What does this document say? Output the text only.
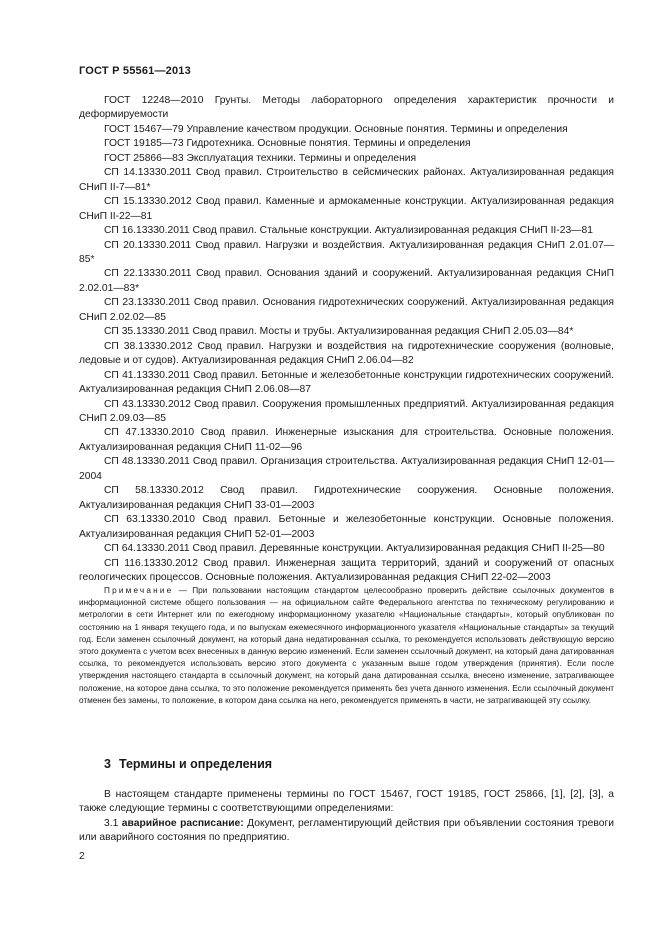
ГОСТ Р 55561—2013

ГОСТ 12248—2010 Грунты. Методы лабораторного определения характеристик прочности и деформируемости

ГОСТ 15467—79 Управление качеством продукции. Основные понятия. Термины и определения

ГОСТ 19185—73 Гидротехника. Основные понятия. Термины и определения

ГОСТ 25866—83 Эксплуатация техники. Термины и определения

СП 14.13330.2011 Свод правил. Строительство в сейсмических районах. Актуализированная редакция СНиП II-7—81*

СП 15.13330.2012 Свод правил. Каменные и армокаменные конструкции. Актуализированная редакция СНиП II-22—81

СП 16.13330.2011 Свод правил. Стальные конструкции. Актуализированная редакция СНиП II-23—81

СП 20.13330.2011 Свод правил. Нагрузки и воздействия. Актуализированная редакция СНиП 2.01.07—85*

СП 22.13330.2011 Свод правил. Основания зданий и сооружений. Актуализированная редакция СНиП 2.02.01—83*

СП 23.13330.2011 Свод правил. Основания гидротехнических сооружений. Актуализированная редакция СНиП 2.02.02—85

СП 35.13330.2011 Свод правил. Мосты и трубы. Актуализированная редакция СНиП 2.05.03—84*

СП 38.13330.2012 Свод правил. Нагрузки и воздействия на гидротехнические сооружения (волновые, ледовые и от судов). Актуализированная редакция СНиП 2.06.04—82

СП 41.13330.2011 Свод правил. Бетонные и железобетонные конструкции гидротехнических сооружений. Актуализированная редакция СНиП 2.06.08—87

СП 43.13330.2012 Свод правил. Сооружения промышленных предприятий. Актуализированная редакция СНиП 2.09.03—85

СП 47.13330.2010 Свод правил. Инженерные изыскания для строительства. Основные положения. Актуализированная редакция СНиП 11-02—96

СП 48.13330.2011 Свод правил. Организация строительства. Актуализированная редакция СНиП 12-01—2004

СП 58.13330.2012 Свод правил. Гидротехнические сооружения. Основные положения. Актуализированная редакция СНиП 33-01—2003

СП 63.13330.2010 Свод правил. Бетонные и железобетонные конструкции. Основные положения. Актуализированная редакция СНиП 52-01—2003

СП 64.13330.2011 Свод правил. Деревянные конструкции. Актуализированная редакция СНиП II-25—80

СП 116.13330.2012 Свод правил. Инженерная защита территорий, зданий и сооружений от опасных геологических процессов. Основные положения. Актуализированная редакция СНиП 22-02—2003

Примечание — При пользовании настоящим стандартом целесообразно проверить действие ссылочных документов в информационной системе общего пользования — на официальном сайте Федерального агентства по техническому регулированию и метрологии в сети Интернет или по ежегодному информационному указателю «Национальные стандарты», который опубликован по состоянию на 1 января текущего года, и по выпускам ежемесячного информационного указателя «Национальные стандарты» за текущий год. Если заменен ссылочный документ, на который дана недатированная ссылка, то рекомендуется использовать действующую версию этого документа с учетом всех внесенных в данную версию изменений. Если заменен ссылочный документ, на который дана датированная ссылка, то рекомендуется использовать версию этого документа с указанным выше годом утверждения (принятия). Если после утверждения настоящего стандарта в ссылочный документ, на который дана датированная ссылка, внесено изменение, затрагивающее положение, на которое дана ссылка, то это положение рекомендуется применять без учета данного изменения. Если ссылочный документ отменен без замены, то положение, в котором дана ссылка на него, рекомендуется применять в части, не затрагивающей эту ссылку.

3 Термины и определения

В настоящем стандарте применены термины по ГОСТ 15467, ГОСТ 19185, ГОСТ 25866, [1], [2], [3], а также следующие термины с соответствующими определениями:

3.1 аварийное расписание: Документ, регламентирующий действия при объявлении состояния тревоги или аварийного состояния по предприятию.

2
